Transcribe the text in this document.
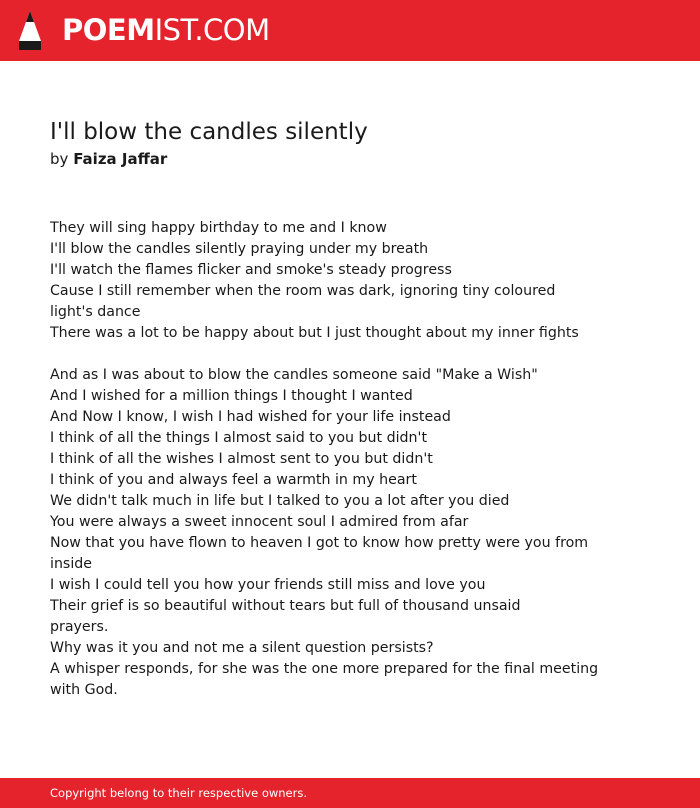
POEMIST.COM
I'll blow the candles silently
by Faiza Jaffar
They will sing happy birthday to me and I know
I'll blow the candles silently praying under my breath
I'll watch the flames flicker and smoke's steady progress
Cause I still remember when the room was dark, ignoring tiny coloured
light's dance
There was a lot to be happy about but I just thought about my inner fights
And as I was about to blow the candles someone said "Make a Wish"
And I wished for a million things I thought I wanted
And Now I know, I wish I had wished for your life instead
I think of all the things I almost said to you but didn't
I think of all the wishes I almost sent to you but didn't
I think of you and always feel a warmth in my heart
We didn't talk much in life but I talked to you a lot after you died
You were always a sweet innocent soul I admired from afar
Now that you have flown to heaven I got to know how pretty were you from
inside
I wish I could tell you how your friends still miss and love you
Their grief is so beautiful without tears but full of thousand unsaid
prayers.
Why was it you and not me a silent question persists?
A whisper responds, for she was the one more prepared for the final meeting
with God.
Copyright belong to their respective owners.
